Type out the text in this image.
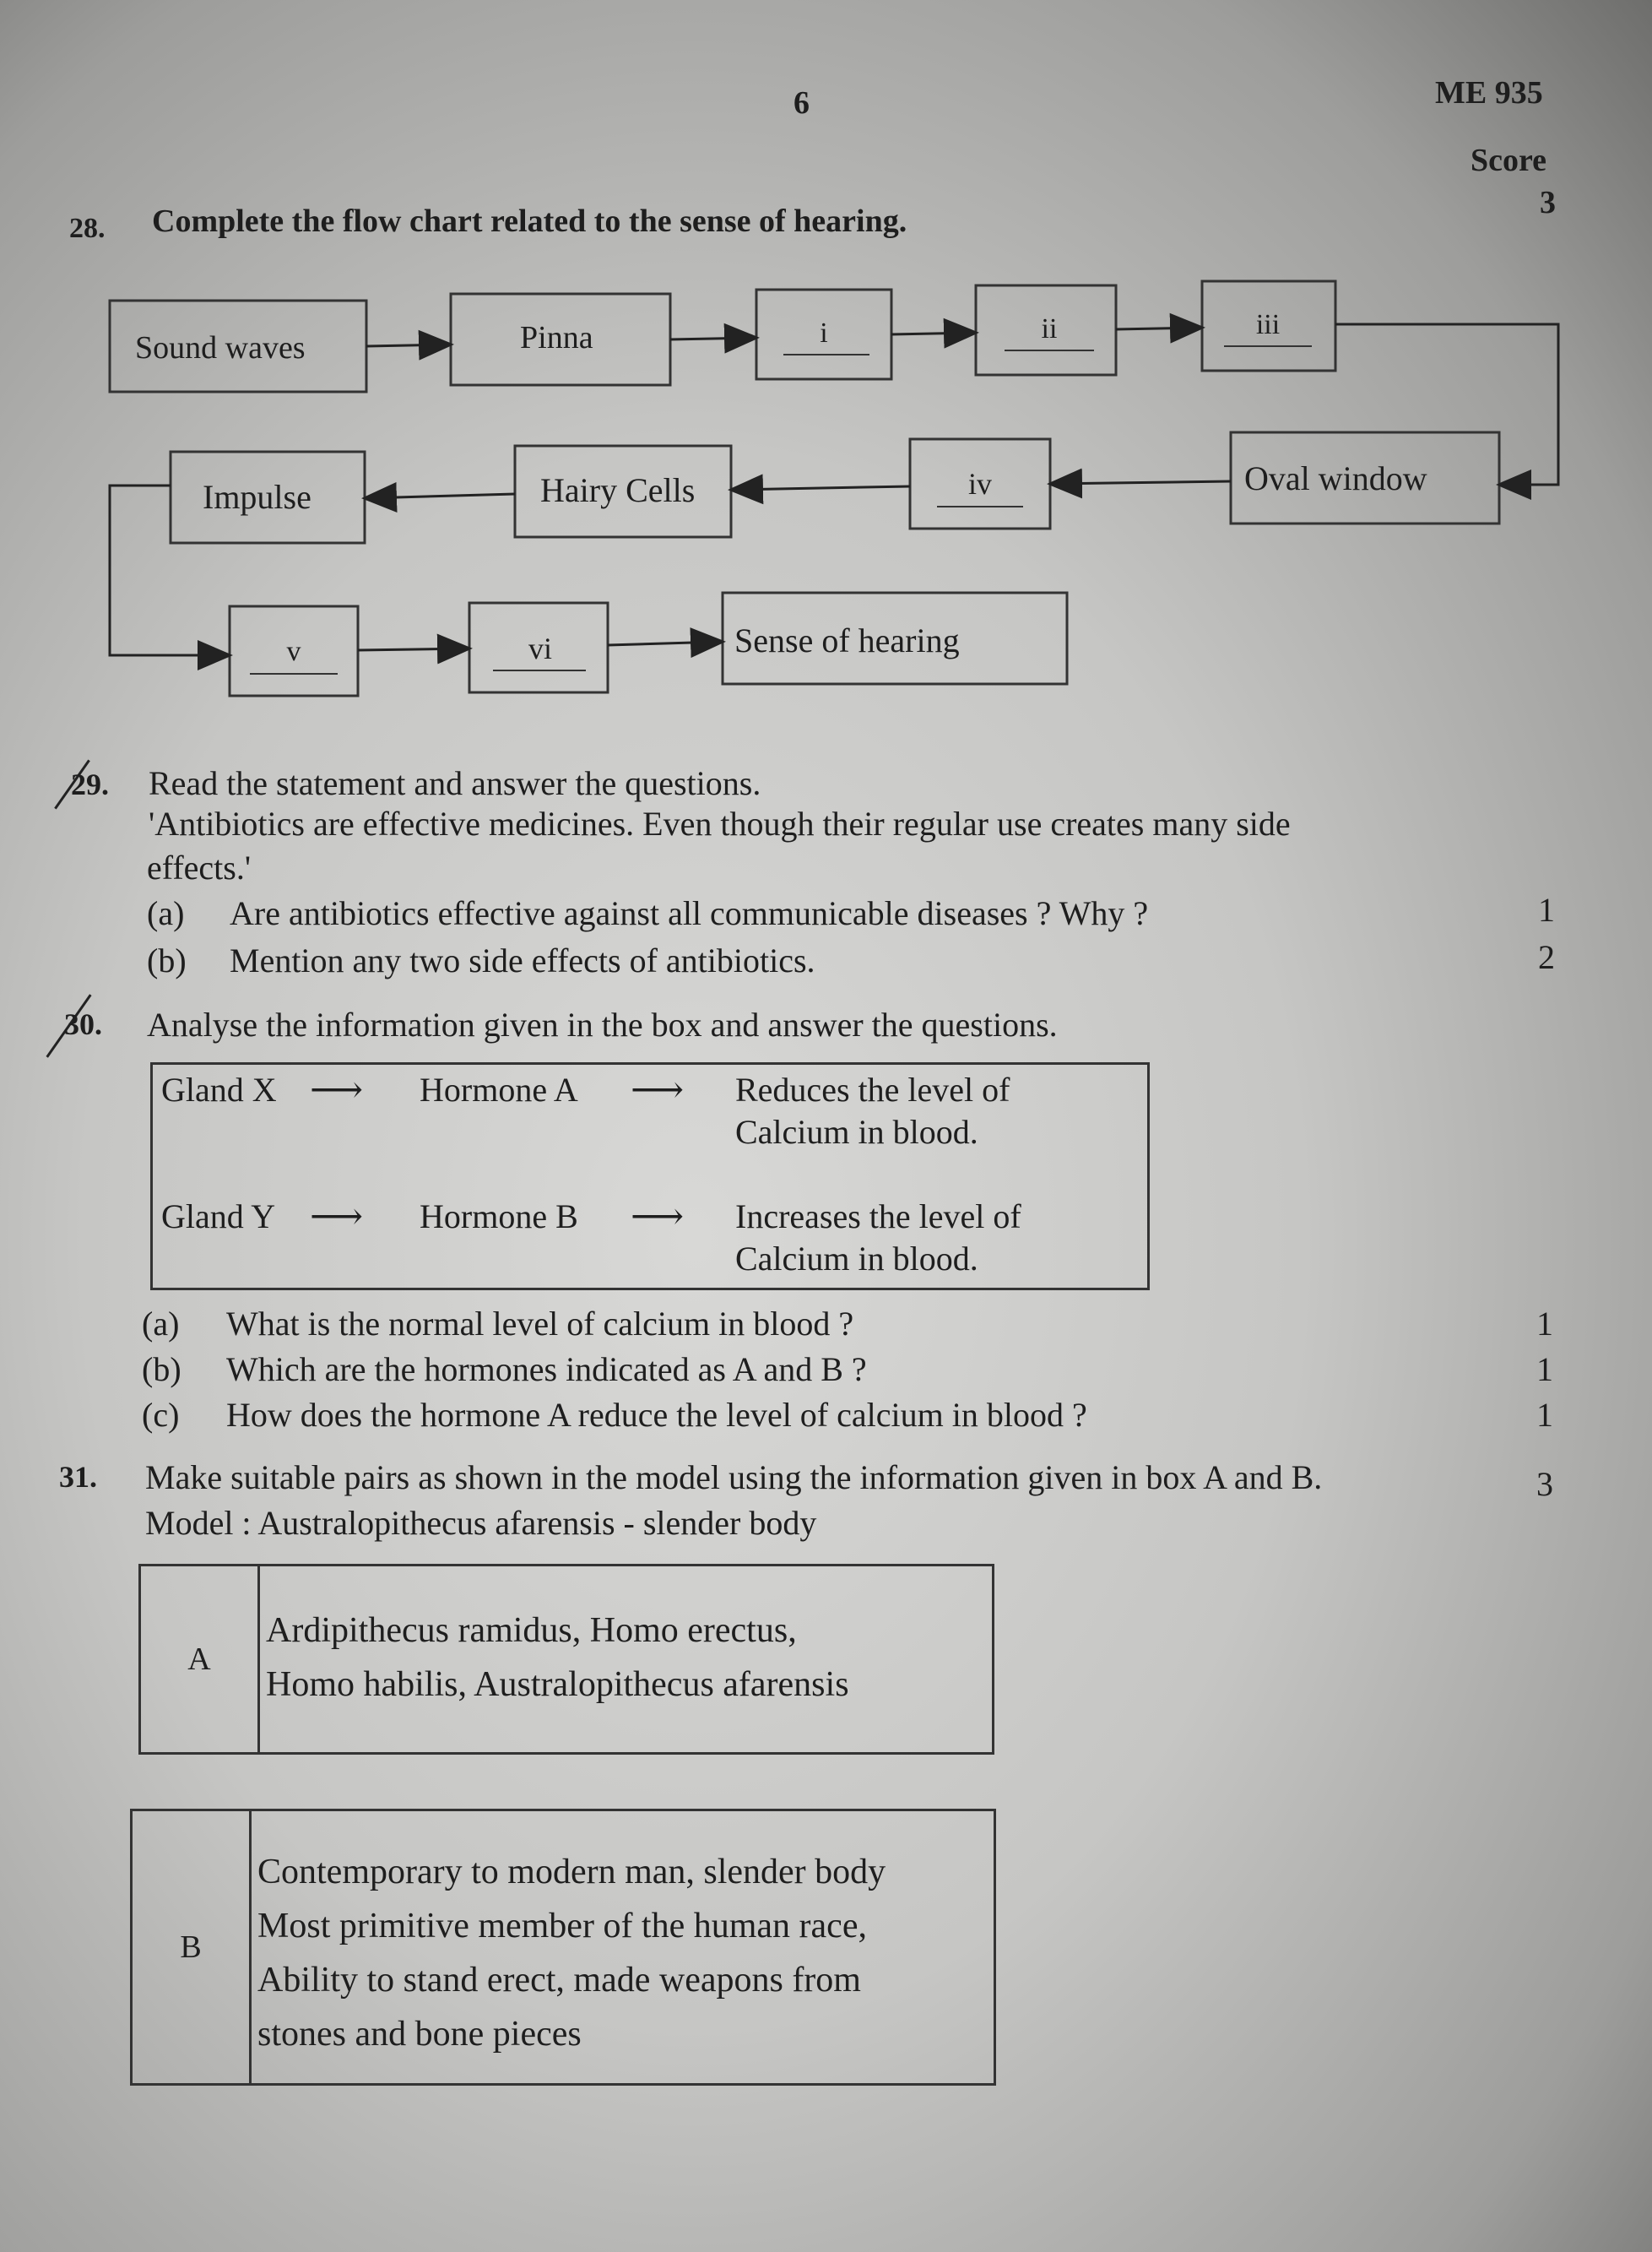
6	ME 935
Score
28. Complete the flow chart related to the sense of hearing.
3
Sound waves	Pinna	i	ii	iii
Impulse	Hairy Cells	iv	Oval window
v	vi	Sense of hearing
29. Read the statement and answer the questions.
'Antibiotics are effective medicines. Even though their regular use creates many side
effects.'
(a) Are antibiotics effective against all communicable diseases ? Why ?	1
(b) Mention any two side effects of antibiotics.	2
30. Analyse the information given in the box and answer the questions.
Gland X ⟶ Hormone A ⟶ Reduces the level of
Calcium in blood.
Gland Y ⟶ Hormone B ⟶ Increases the level of
Calcium in blood.
(a) What is the normal level of calcium in blood ?	1
(b) Which are the hormones indicated as A and B ?	1
(c) How does the hormone A reduce the level of calcium in blood ?	1
31. Make suitable pairs as shown in the model using the information given in box A and B.	3
Model : Australopithecus afarensis - slender body
A
Ardipithecus ramidus, Homo erectus,
Homo habilis, Australopithecus afarensis
B
Contemporary to modern man, slender body
Most primitive member of the human race,
Ability to stand erect, made weapons from
stones and bone pieces
